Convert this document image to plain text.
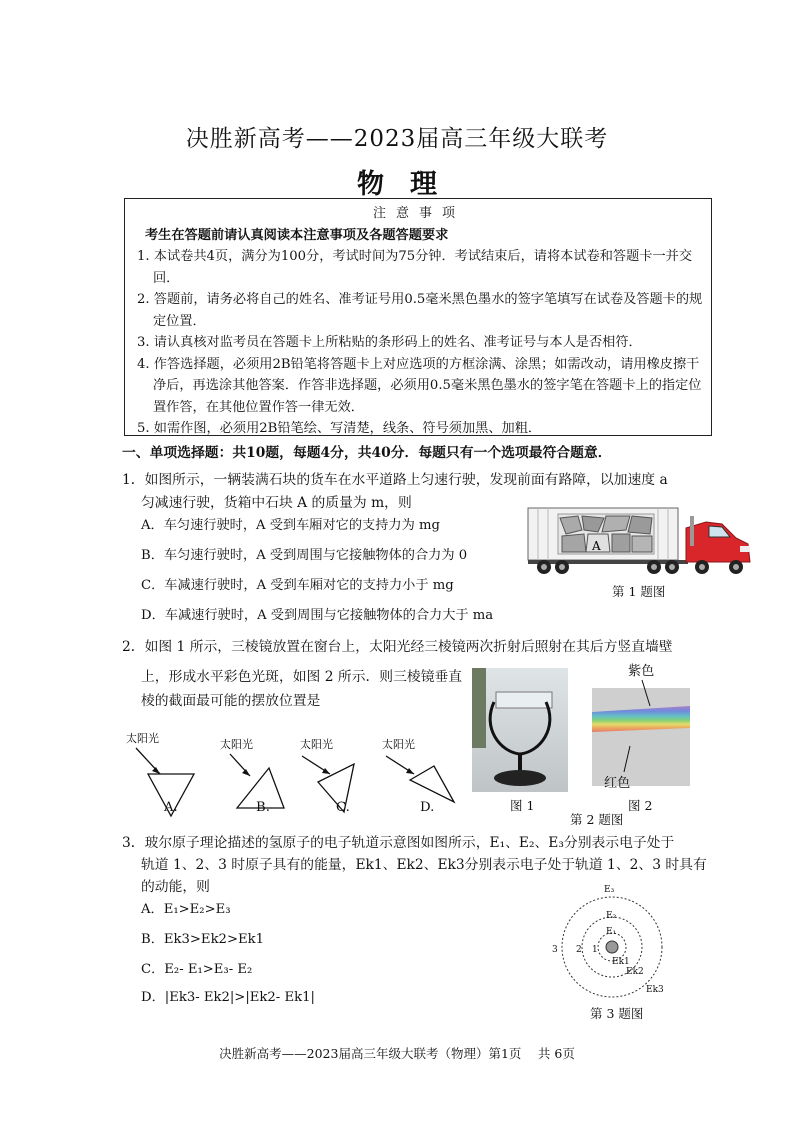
决胜新高考——2023届高三年级大联考
物理
注意事项
考生在答题前请认真阅读本注意事项及各题答题要求
1. 本试卷共4页，满分为100分，考试时间为75分钟．考试结束后，请将本试卷和答题卡一并交回．
2. 答题前，请务必将自己的姓名、准考证号用0.5毫米黑色墨水的签字笔填写在试卷及答题卡的规定位置．
3. 请认真核对监考员在答题卡上所粘贴的条形码上的姓名、准考证号与本人是否相符．
4. 作答选择题，必须用2B铅笔将答题卡上对应选项的方框涂满、涂黑；如需改动，请用橡皮擦干净后，再选涂其他答案．作答非选择题，必须用0.5毫米黑色墨水的签字笔在答题卡上的指定位置作答，在其他位置作答一律无效．
5. 如需作图，必须用2B铅笔绘、写清楚，线条、符号须加黑、加粗．
一、单项选择题：共10题，每题4分，共40分．每题只有一个选项最符合题意．
1．如图所示，一辆装满石块的货车在水平道路上匀速行驶，发现前面有路障，以加速度 a
匀减速行驶，货箱中石块 A 的质量为 m，则
A．车匀速行驶时，A 受到车厢对它的支持力为 mg
B．车匀速行驶时，A 受到周围与它接触物体的合力为 0
C．车减速行驶时，A 受到车厢对它的支持力小于 mg
D．车减速行驶时，A 受到周围与它接触物体的合力大于 ma
A
第 1 题图
2．如图 1 所示，三棱镜放置在窗台上，太阳光经三棱镜两次折射后照射在其后方竖直墙壁
上，形成水平彩色光斑，如图 2 所示．则三棱镜垂直
棱的截面最可能的摆放位置是
太阳光	太阳光	太阳光	太阳光
A.	B.	C.	D.
紫色
红色
图 1	图 2
第 2 题图
3．玻尔原子理论描述的氢原子的电子轨道示意图如图所示，E₁、E₂、E₃分别表示电子处于
轨道 1、2、3 时原子具有的能量，Ek1、Ek2、Ek3分别表示电子处于轨道 1、2、3 时具有
的动能，则
A．E₁>E₂>E₃
B．Ek3>Ek2>Ek1
C．E₂- E₁>E₃- E₂
D．|Ek3- Ek2|>|Ek2- Ek1|
E₃
E₂
E₁
3 2 1
Ek1
Ek2
Ek3
第 3 题图
决胜新高考——2023届高三年级大联考（物理）第1页　 共 6页
